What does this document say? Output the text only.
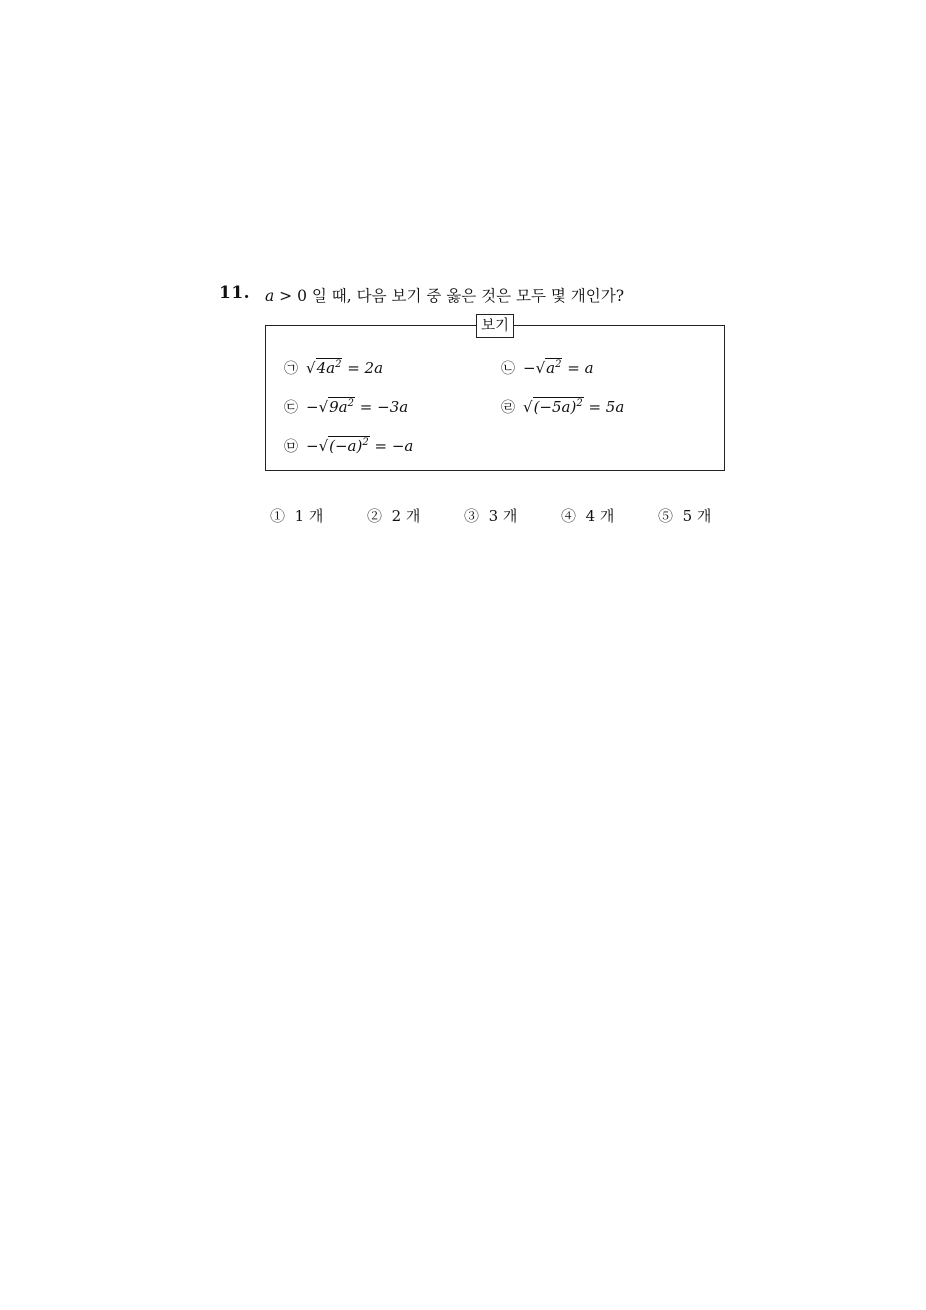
11. a > 0 일 때, 다음 보기 중 옳은 것은 모두 몇 개인가?
보기
㉠ $√4a^2 = 2a$	㉡ $-√a^2 = a$
㉢ $-√9a^2 = -3a$	㉣ $√(-5a)^2 = 5a$
㉤ $-√(-a)^2 = -a$
① 1 개	② 2 개	③ 3 개	④ 4 개	⑤ 5 개
